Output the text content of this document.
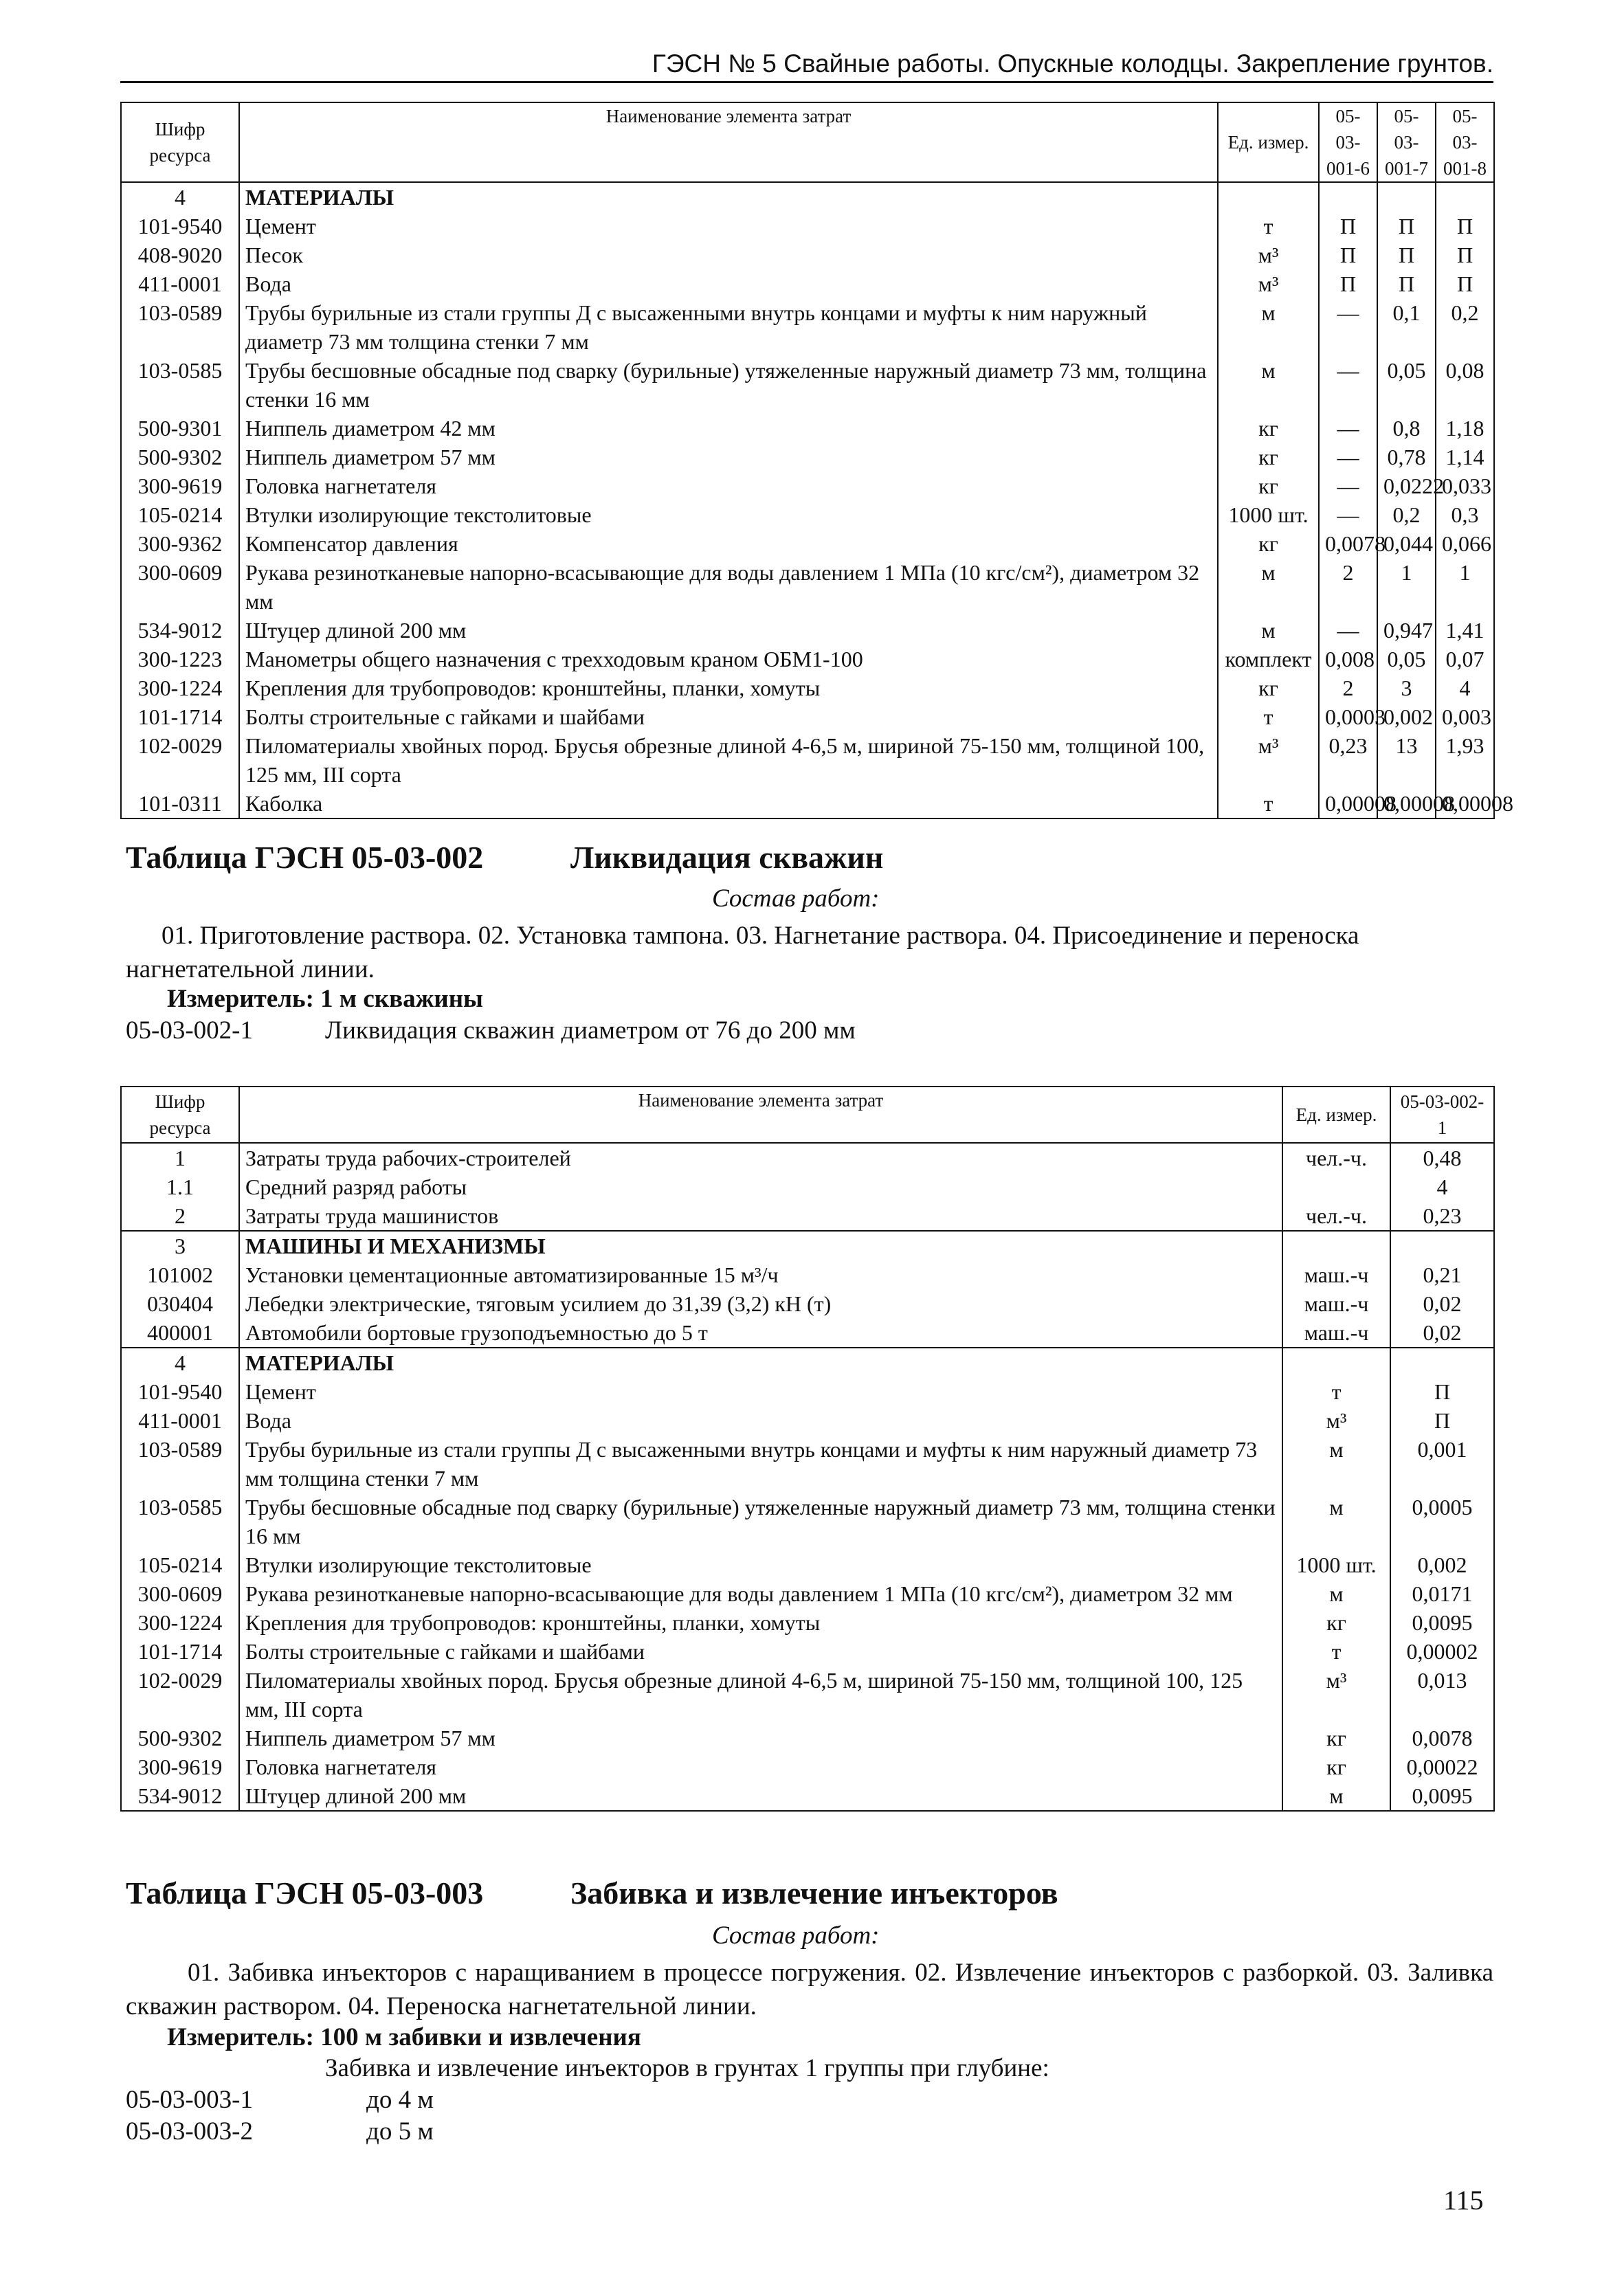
ГЭСН № 5 Свайные работы. Опускные колодцы. Закрепление грунтов.
Шифр ресурса	Наименование элемента затрат	Ед. измер.	05-03-001-6	05-03-001-7	05-03-001-8
4	МАТЕРИАЛЫ				
101-9540	Цемент	т	П	П	П
408-9020	Песок	м³	П	П	П
411-0001	Вода	м³	П	П	П
103-0589	Трубы бурильные из стали группы Д с высаженными внутрь концами и муфты к ним наружный диаметр 73 мм толщина стенки 7 мм	м	—	0,1	0,2
103-0585	Трубы бесшовные обсадные под сварку (бурильные) утяжеленные наружный диаметр 73 мм, толщина стенки 16 мм	м	—	0,05	0,08
500-9301	Ниппель диаметром 42 мм	кг	—	0,8	1,18
500-9302	Ниппель диаметром 57 мм	кг	—	0,78	1,14
300-9619	Головка нагнетателя	кг	—	0,0222	0,033
105-0214	Втулки изолирующие текстолитовые	1000 шт.	—	0,2	0,3
300-9362	Компенсатор давления	кг	0,0078	0,044	0,066
300-0609	Рукава резинотканевые напорно-всасывающие для воды давлением 1 МПа (10 кгс/см²), диаметром 32 мм	м	2	1	1
534-9012	Штуцер длиной 200 мм	м	—	0,947	1,41
300-1223	Манометры общего назначения с трехходовым краном ОБМ1-100	комплект	0,008	0,05	0,07
300-1224	Крепления для трубопроводов: кронштейны, планки, хомуты	кг	2	3	4
101-1714	Болты строительные с гайками и шайбами	т	0,0003	0,002	0,003
102-0029	Пиломатериалы хвойных пород. Брусья обрезные длиной 4-6,5 м, шириной 75-150 мм, толщиной 100, 125 мм, III сорта	м³	0,23	13	1,93
101-0311	Каболка	т	0,00008	0,00008	0,00008
Таблица ГЭСН 05-03-002	Ликвидация скважин
Состав работ:
01. Приготовление раствора. 02. Установка тампона. 03. Нагнетание раствора. 04. Присоединение и переноска нагнетательной линии.
Измеритель: 1 м скважины
05-03-002-1	Ликвидация скважин диаметром от 76 до 200 мм
Шифр ресурса	Наименование элемента затрат	Ед. измер.	05-03-002-1
1	Затраты труда рабочих-строителей	чел.-ч.	0,48
1.1	Средний разряд работы		4
2	Затраты труда машинистов	чел.-ч.	0,23
3	МАШИНЫ И МЕХАНИЗМЫ		
101002	Установки цементационные автоматизированные 15 м³/ч	маш.-ч	0,21
030404	Лебедки электрические, тяговым усилием до 31,39 (3,2) кН (т)	маш.-ч	0,02
400001	Автомобили бортовые грузоподъемностью до 5 т	маш.-ч	0,02
4	МАТЕРИАЛЫ		
101-9540	Цемент	т	П
411-0001	Вода	м³	П
103-0589	Трубы бурильные из стали группы Д с высаженными внутрь концами и муфты к ним наружный диаметр 73 мм толщина стенки 7 мм	м	0,001
103-0585	Трубы бесшовные обсадные под сварку (бурильные) утяжеленные наружный диаметр 73 мм, толщина стенки 16 мм	м	0,0005
105-0214	Втулки изолирующие текстолитовые	1000 шт.	0,002
300-0609	Рукава резинотканевые напорно-всасывающие для воды давлением 1 МПа (10 кгс/см²), диаметром 32 мм	м	0,0171
300-1224	Крепления для трубопроводов: кронштейны, планки, хомуты	кг	0,0095
101-1714	Болты строительные с гайками и шайбами	т	0,00002
102-0029	Пиломатериалы хвойных пород. Брусья обрезные длиной 4-6,5 м, шириной 75-150 мм, толщиной 100, 125 мм, III сорта	м³	0,013
500-9302	Ниппель диаметром 57 мм	кг	0,0078
300-9619	Головка нагнетателя	кг	0,00022
534-9012	Штуцер длиной 200 мм	м	0,0095
Таблица ГЭСН 05-03-003	Забивка и извлечение инъекторов
Состав работ:
01. Забивка инъекторов с наращиванием в процессе погружения. 02. Извлечение инъекторов с разборкой. 03. Заливка скважин раствором. 04. Переноска нагнетательной линии.
Измеритель: 100 м забивки и извлечения
Забивка и извлечение инъекторов в грунтах 1 группы при глубине:
05-03-003-1	до 4 м
05-03-003-2	до 5 м
115
